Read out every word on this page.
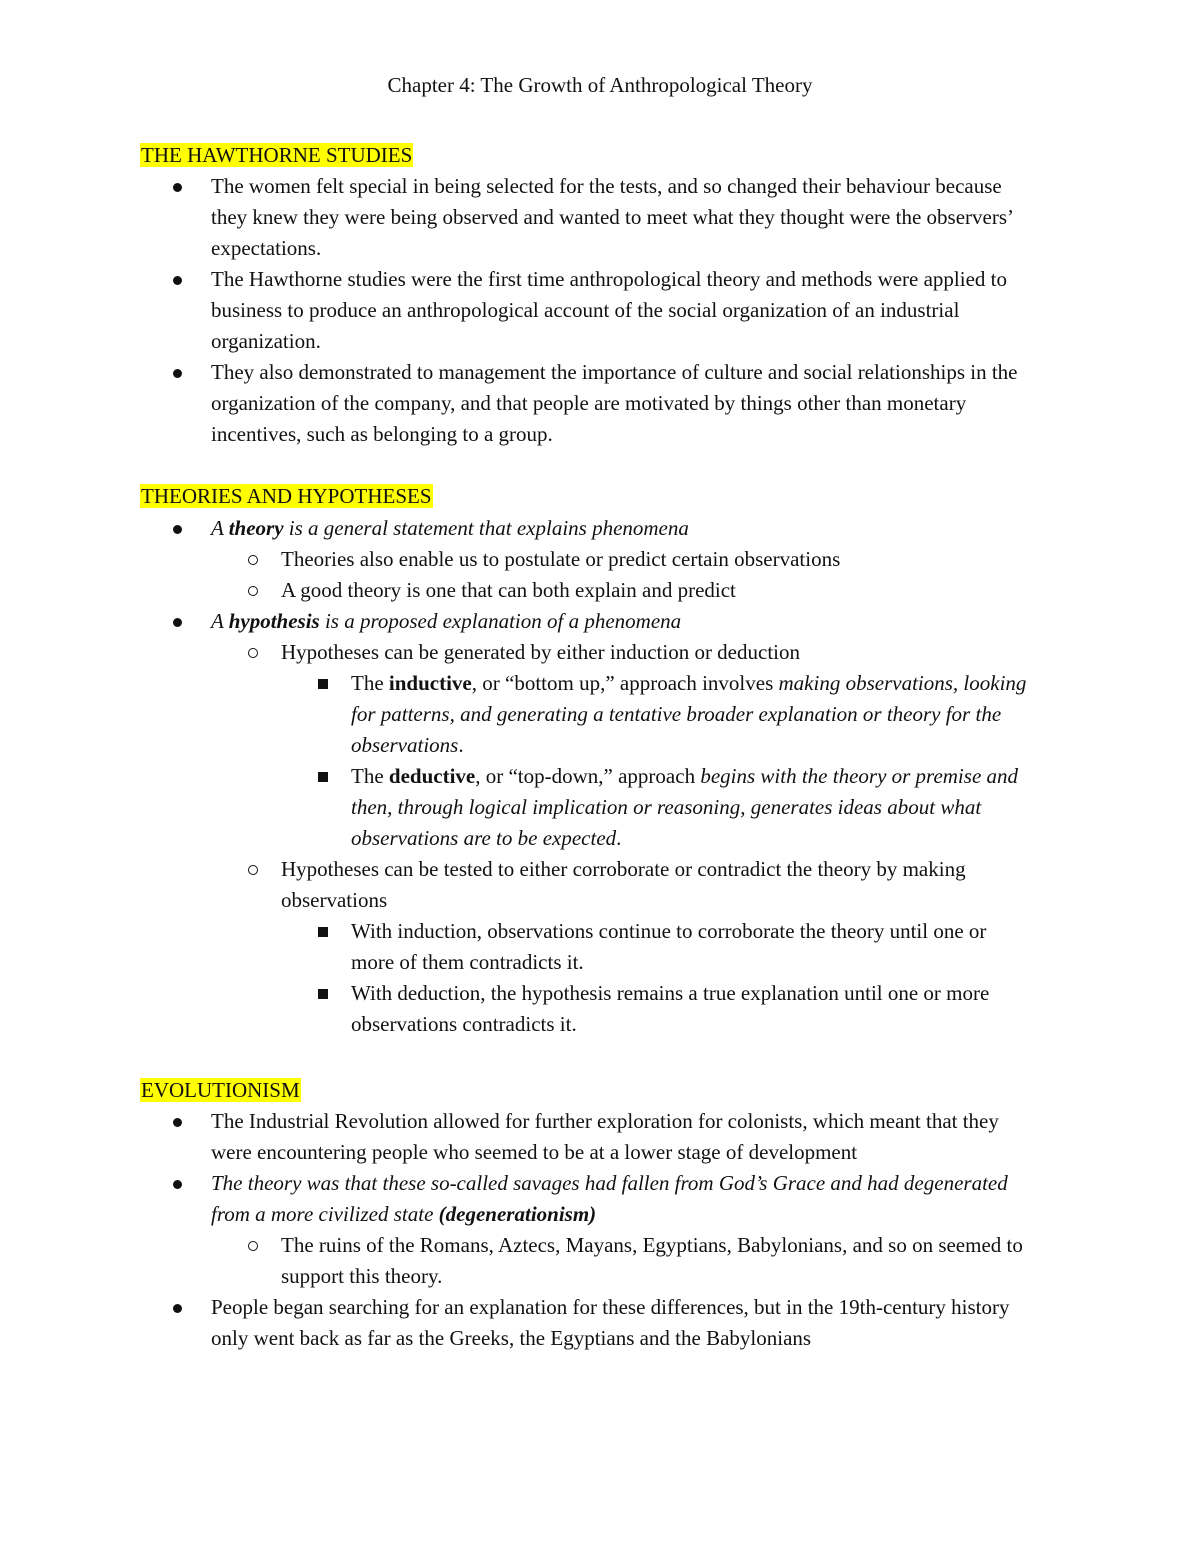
Chapter 4: The Growth of Anthropological Theory
THE HAWTHORNE STUDIES
The women felt special in being selected for the tests, and so changed their behaviour because they knew they were being observed and wanted to meet what they thought were the observers’ expectations.
The Hawthorne studies were the first time anthropological theory and methods were applied to business to produce an anthropological account of the social organization of an industrial organization.
They also demonstrated to management the importance of culture and social relationships in the organization of the company, and that people are motivated by things other than monetary incentives, such as belonging to a group.
THEORIES AND HYPOTHESES
A theory is a general statement that explains phenomena
Theories also enable us to postulate or predict certain observations
A good theory is one that can both explain and predict
A hypothesis is a proposed explanation of a phenomena
Hypotheses can be generated by either induction or deduction
The inductive, or “bottom up,” approach involves making observations, looking for patterns, and generating a tentative broader explanation or theory for the observations.
The deductive, or “top-down,” approach begins with the theory or premise and then, through logical implication or reasoning, generates ideas about what observations are to be expected.
Hypotheses can be tested to either corroborate or contradict the theory by making observations
With induction, observations continue to corroborate the theory until one or more of them contradicts it.
With deduction, the hypothesis remains a true explanation until one or more observations contradicts it.
EVOLUTIONISM
The Industrial Revolution allowed for further exploration for colonists, which meant that they were encountering people who seemed to be at a lower stage of development
The theory was that these so-called savages had fallen from God’s Grace and had degenerated from a more civilized state (degenerationism)
The ruins of the Romans, Aztecs, Mayans, Egyptians, Babylonians, and so on seemed to support this theory.
People began searching for an explanation for these differences, but in the 19th-century history only went back as far as the Greeks, the Egyptians and the Babylonians
